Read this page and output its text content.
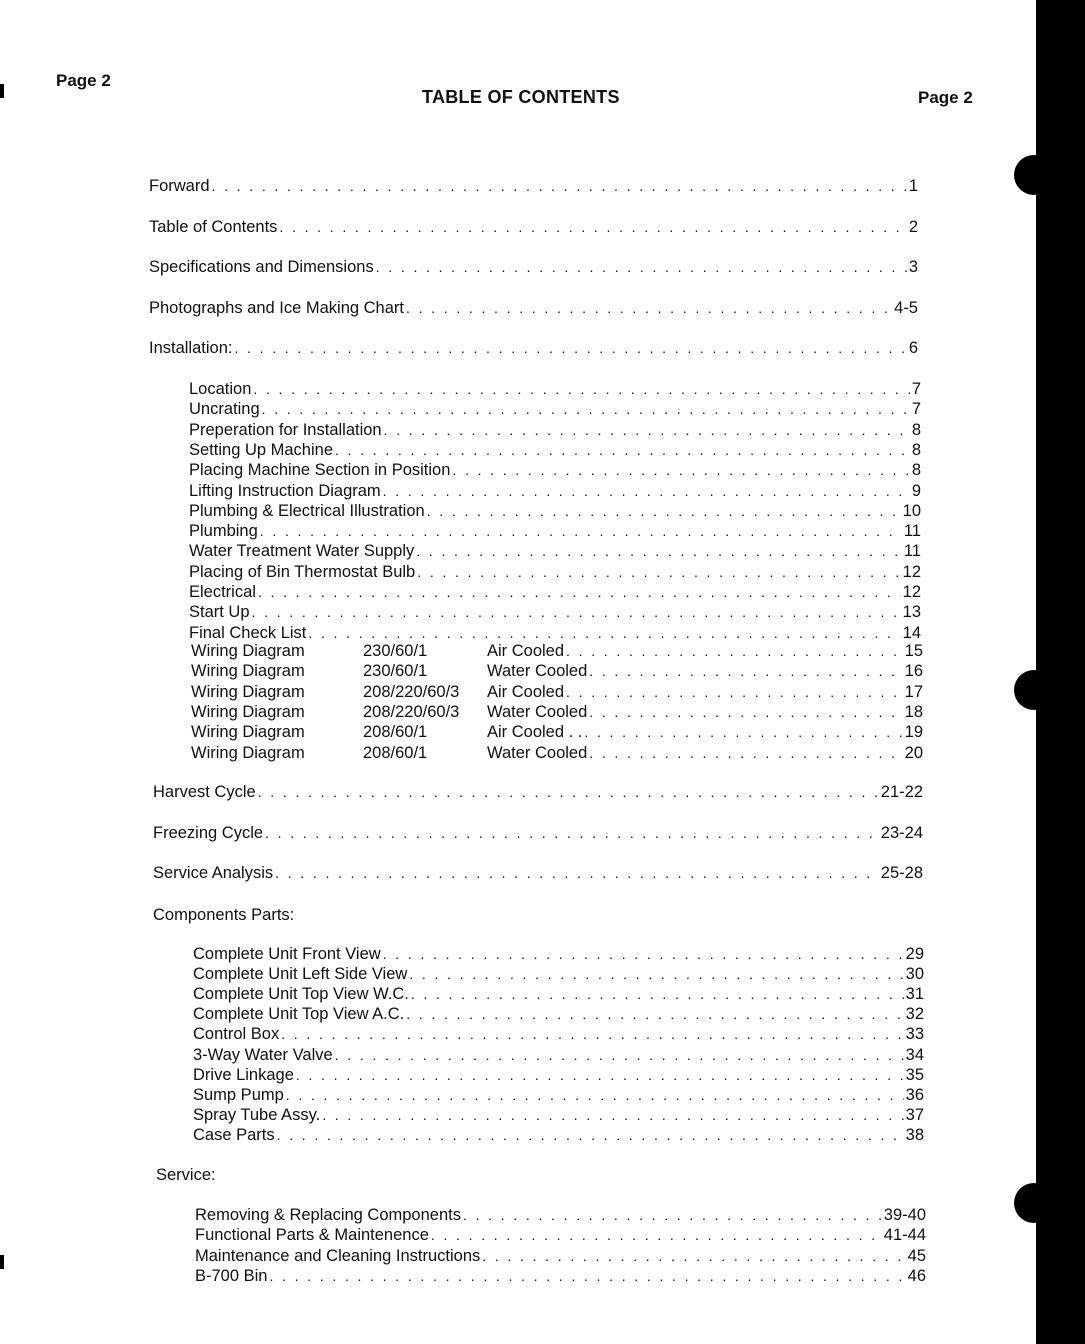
Page 2
TABLE OF CONTENTS	Page 2
Forward . . .	1
Table of Contents . . .	2
Specifications and Dimensions . . .	3
Photographs and Ice Making Chart . . .	4-5
Installation: . . .	6
Location . . .	7
Uncrating . . .	7
Preperation for Installation . . .	8
Setting Up Machine . . .	8
Placing Machine Section in Position . . .	8
Lifting Instruction Diagram . . .	9
Plumbing & Electrical Illustration . . .	10
Plumbing . . .	11
Water Treatment Water Supply . . .	11
Placing of Bin Thermostat Bulb . . .	12
Electrical . . .	12
Start Up . . .	13
Final Check List . . .	14
Wiring Diagram	230/60/1	Air Cooled . . .	15
Wiring Diagram	230/60/1	Water Cooled . . .	16
Wiring Diagram	208/220/60/3	Air Cooled . . .	17
Wiring Diagram	208/220/60/3	Water Cooled . . .	18
Wiring Diagram	208/60/1	Air Cooled . . . . .	19
Wiring Diagram	208/60/1	Water Cooled . . .	20
Harvest Cycle . . .	21-22
Freezing Cycle . . .	23-24
Service Analysis . . .	25-28
Components Parts:
Complete Unit Front View . . .	29
Complete Unit Left Side View . . .	30
Complete Unit Top View W.C. . . .	31
Complete Unit Top View A.C. . . .	32
Control Box . . .	33
3-Way Water Valve . . .	34
Drive Linkage . . .	35
Sump Pump . . .	36
Spray Tube Assy. . . .	37
Case Parts . . .	38
Service:
Removing & Replacing Components . . .	39-40
Functional Parts & Maintenence . . .	41-44
Maintenance and Cleaning Instructions . . .	45
B-700 Bin . . .	46
